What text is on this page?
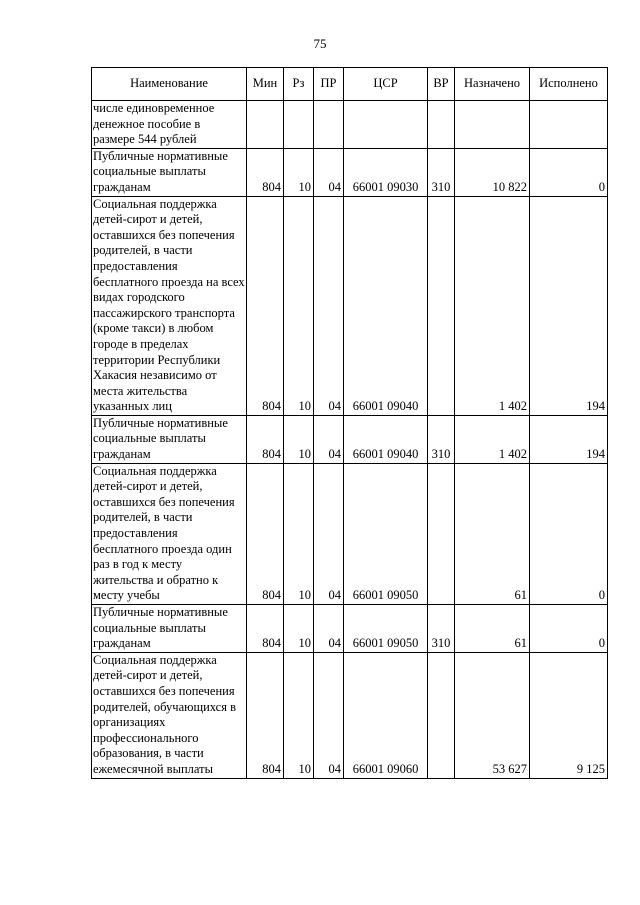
75
Наименование	Мин	Рз	ПР	ЦСР	ВР	Назначено	Исполнено
числе единовременное денежное пособие в размере 544 рублей							
Публичные нормативные социальные выплаты гражданам	804	10	04	66001 09030	310	10 822	0
Социальная поддержка детей-сирот и детей, оставшихся без попечения родителей, в части предоставления бесплатного проезда на всех видах городского пассажирского транспорта (кроме такси) в любом городе в пределах территории Республики Хакасия независимо от места жительства указанных лиц	804	10	04	66001 09040		1 402	194
Публичные нормативные социальные выплаты гражданам	804	10	04	66001 09040	310	1 402	194
Социальная поддержка детей-сирот и детей, оставшихся без попечения родителей, в части предоставления бесплатного проезда один раз в год к месту жительства и обратно к месту учебы	804	10	04	66001 09050		61	0
Публичные нормативные социальные выплаты гражданам	804	10	04	66001 09050	310	61	0
Социальная поддержка детей-сирот и детей, оставшихся без попечения родителей, обучающихся в организациях профессионального образования, в части ежемесячной выплаты	804	10	04	66001 09060		53 627	9 125
